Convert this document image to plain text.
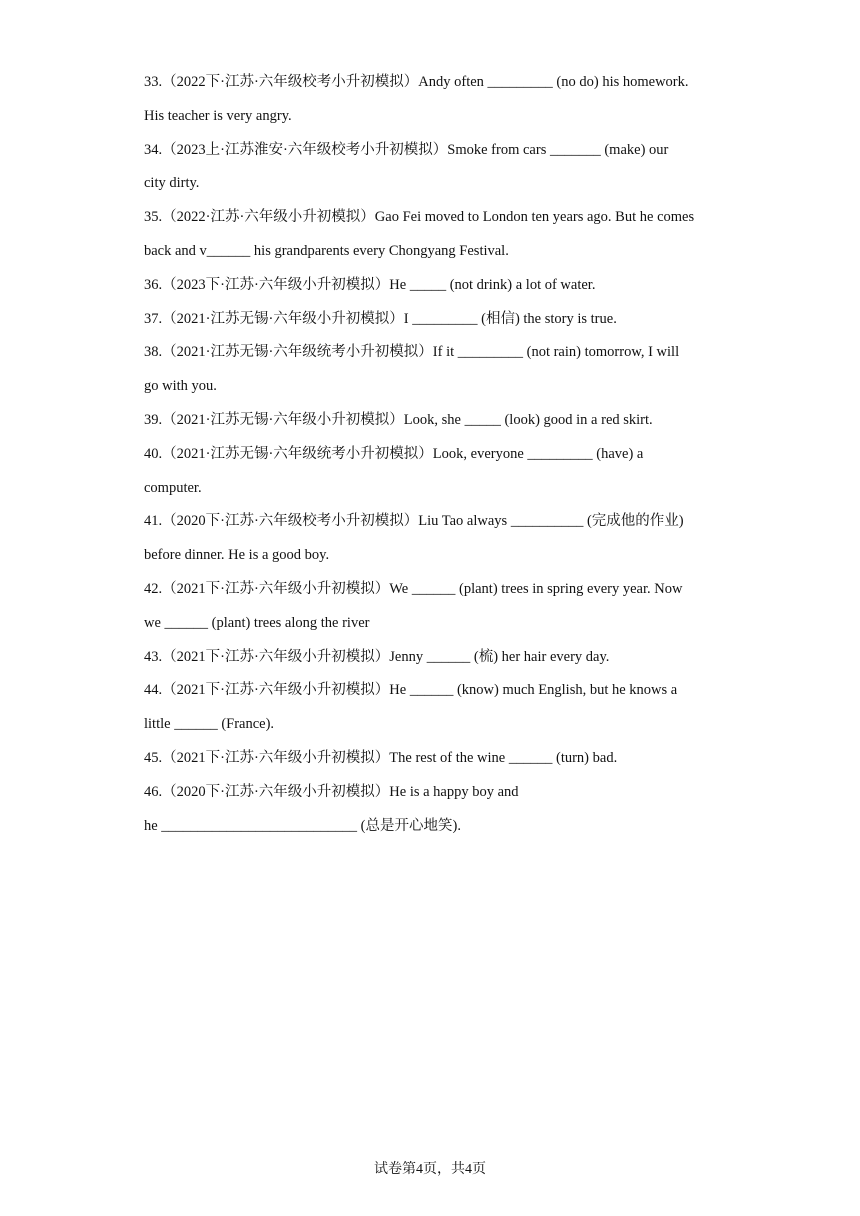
33.（2022下·江苏·六年级校考小升初模拟）Andy often _________ (no do) his homework.
His teacher is very angry.
34.（2023上·江苏淮安·六年级校考小升初模拟）Smoke from cars _______ (make) our
city dirty.
35.（2022·江苏·六年级小升初模拟）Gao Fei moved to London ten years ago. But he comes
back and v______ his grandparents every Chongyang Festival.
36.（2023下·江苏·六年级小升初模拟）He _____ (not drink) a lot of water.
37.（2021·江苏无锡·六年级小升初模拟）I _________ (相信) the story is true.
38.（2021·江苏无锡·六年级统考小升初模拟）If it _________ (not rain) tomorrow, I will
go with you.
39.（2021·江苏无锡·六年级小升初模拟）Look, she _____ (look) good in a red skirt.
40.（2021·江苏无锡·六年级统考小升初模拟）Look, everyone _________ (have) a
computer.
41.（2020下·江苏·六年级校考小升初模拟）Liu Tao always __________ (完成他的作业)
before dinner. He is a good boy.
42.（2021下·江苏·六年级小升初模拟）We ______ (plant) trees in spring every year. Now
we ______ (plant) trees along the river
43.（2021下·江苏·六年级小升初模拟）Jenny ______ (梳) her hair every day.
44.（2021下·江苏·六年级小升初模拟）He ______ (know) much English, but he knows a
little ______ (France).
45.（2021下·江苏·六年级小升初模拟）The rest of the wine ______ (turn) bad.
46.（2020下·江苏·六年级小升初模拟）He is a happy boy and
he ___________________________ (总是开心地笑).
试卷第4页，共4页
